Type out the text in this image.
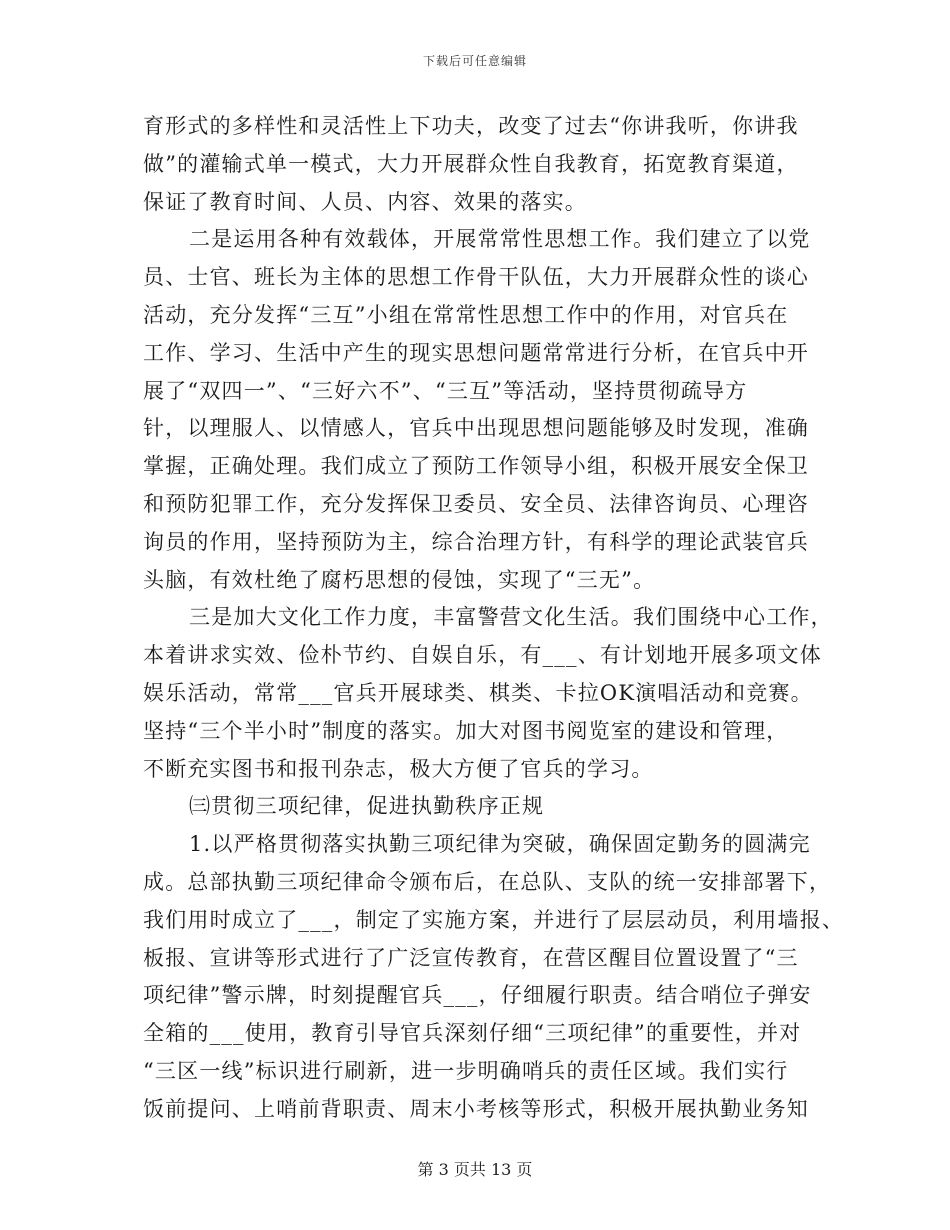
下载后可任意编辑
育形式的多样性和灵活性上下功夫，改变了过去“你讲我听，你讲我
做”的灌输式单一模式，大力开展群众性自我教育，拓宽教育渠道，
保证了教育时间、人员、内容、效果的落实。
二是运用各种有效载体，开展常常性思想工作。我们建立了以党
员、士官、班长为主体的思想工作骨干队伍，大力开展群众性的谈心
活动，充分发挥“三互”小组在常常性思想工作中的作用，对官兵在
工作、学习、生活中产生的现实思想问题常常进行分析，在官兵中开
展了“双四一”、“三好六不”、“三互”等活动，坚持贯彻疏导方
针，以理服人、以情感人，官兵中出现思想问题能够及时发现，准确
掌握，正确处理。我们成立了预防工作领导小组，积极开展安全保卫
和预防犯罪工作，充分发挥保卫委员、安全员、法律咨询员、心理咨
询员的作用，坚持预防为主，综合治理方针，有科学的理论武装官兵
头脑，有效杜绝了腐朽思想的侵蚀，实现了“三无”。
三是加大文化工作力度，丰富警营文化生活。我们围绕中心工作，
本着讲求实效、俭朴节约、自娱自乐，有___、有计划地开展多项文体
娱乐活动，常常___官兵开展球类、棋类、卡拉OK演唱活动和竞赛。
坚持“三个半小时”制度的落实。加大对图书阅览室的建设和管理，
不断充实图书和报刊杂志，极大方便了官兵的学习。
㈢贯彻三项纪律，促进执勤秩序正规
1.以严格贯彻落实执勤三项纪律为突破，确保固定勤务的圆满完
成。总部执勤三项纪律命令颁布后，在总队、支队的统一安排部署下，
我们用时成立了___，制定了实施方案，并进行了层层动员，利用墙报、
板报、宣讲等形式进行了广泛宣传教育，在营区醒目位置设置了“三
项纪律”警示牌，时刻提醒官兵___，仔细履行职责。结合哨位子弹安
全箱的___使用，教育引导官兵深刻仔细“三项纪律”的重要性，并对
“三区一线”标识进行刷新，进一步明确哨兵的责任区域。我们实行
饭前提问、上哨前背职责、周末小考核等形式，积极开展执勤业务知
第 3 页共 13 页
